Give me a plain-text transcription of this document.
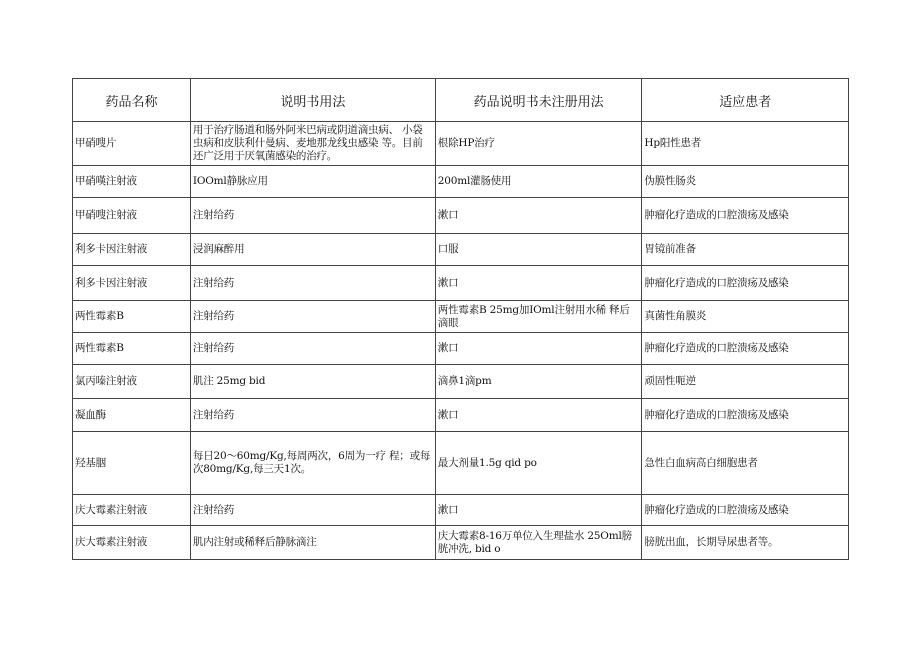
药品名称	说明书用法	药品说明书未注册用法	适应患者
甲硝嗖片	用于治疗肠道和肠外阿米巴病或阴道滴虫病、 小袋虫病和皮肤利什曼病、麦地那龙线虫感染 等。目前还广泛用于厌氧菌感染的治疗。	根除HP治疗	Hp阳性患者
甲硝嘆注射液	IOOml静脉应用	200ml灌肠使用	伪膜性肠炎
甲硝嗖注射液	注射给药	漱口	肿瘤化疗造成的口腔溃疡及感染
利多卡因注射液	浸润麻醉用	口服	胃镜前准备
利多卡因注射液	注射给药	漱口	肿瘤化疗造成的口腔溃疡及感染
两性霉素B	注射给药	两性霉素B 25mg加IOml注射用水稀 释后滴眼	真菌性角膜炎
两性霉素B	注射给药	漱口	肿瘤化疗造成的口腔溃疡及感染
氯丙嗪注射液	肌注 25mg bid	滴鼻1滴pm	顽固性呃逆
凝血酶	注射给药	漱口	肿瘤化疗造成的口腔溃疡及感染
羟基胭	每日20～60mg/Kg,每周两次，6周为一疗 程；或每次80mg/Kg,每三天1次。	最大剂量1.5g qid po	急性白血病高白细胞患者
庆大霉素注射液	注射给药	漱口	肿瘤化疗造成的口腔溃疡及感染
庆大霉素注射液	肌内注射或稀释后静脉滴注	庆大霉素8-16万单位入生理盐水 25Oml膀胱冲洗, bid o	膀胱出血，长期导尿患者等。
